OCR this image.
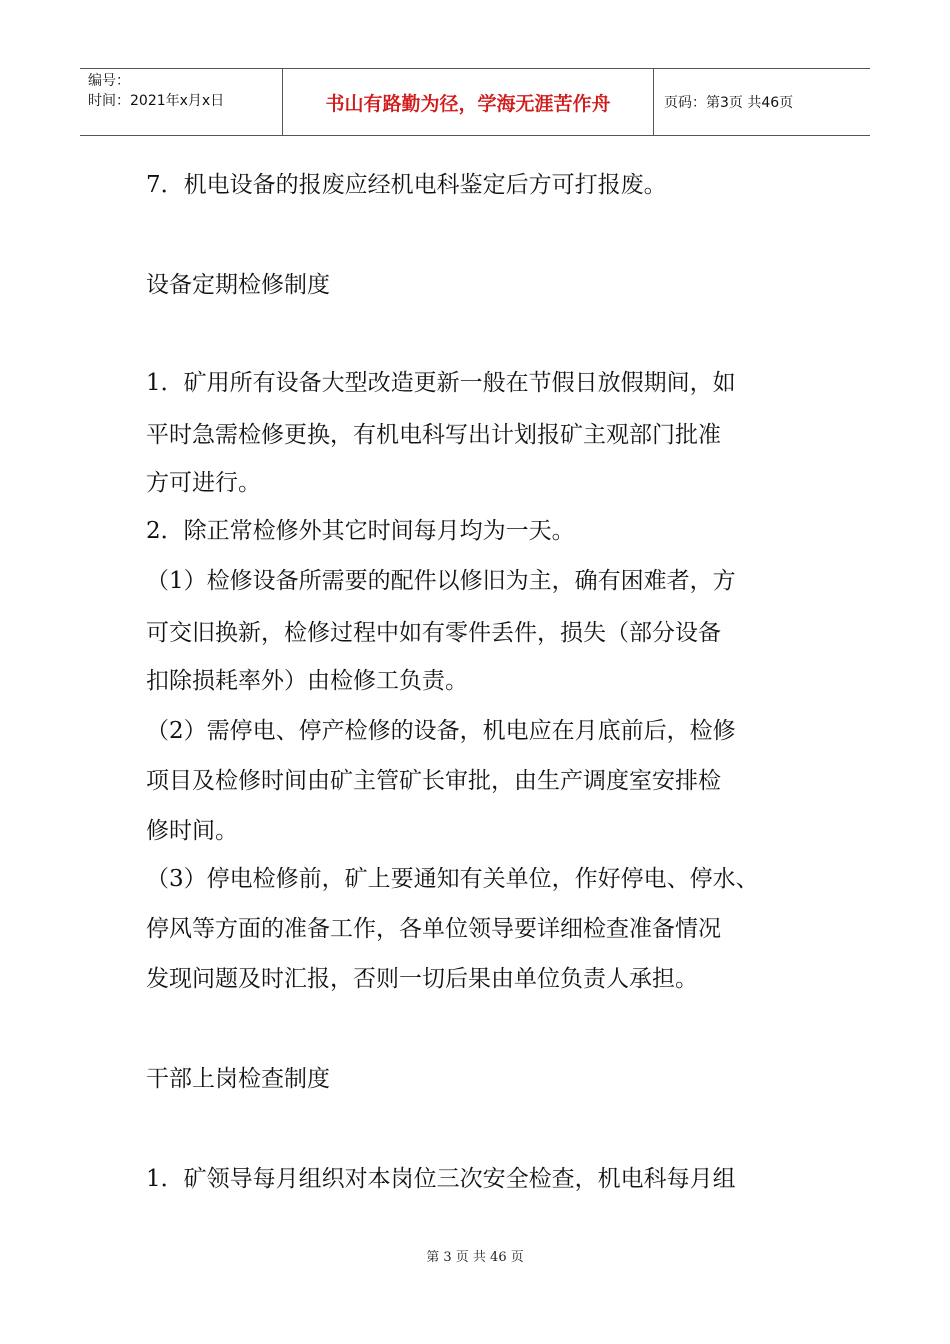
编号：
时间：2021年x月x日	书山有路勤为径，学海无涯苦作舟	页码：第3页 共46页
7．机电设备的报废应经机电科鉴定后方可打报废。
设备定期检修制度
1．矿用所有设备大型改造更新一般在节假日放假期间，如
平时急需检修更换，有机电科写出计划报矿主观部门批准
方可进行。
2．除正常检修外其它时间每月均为一天。
（1）检修设备所需要的配件以修旧为主，确有困难者，方
可交旧换新，检修过程中如有零件丢件，损失（部分设备
扣除损耗率外）由检修工负责。
（2）需停电、停产检修的设备，机电应在月底前后，检修
项目及检修时间由矿主管矿长审批，由生产调度室安排检
修时间。
（3）停电检修前，矿上要通知有关单位，作好停电、停水、
停风等方面的准备工作，各单位领导要详细检查准备情况
发现问题及时汇报，否则一切后果由单位负责人承担。
干部上岗检查制度
1．矿领导每月组织对本岗位三次安全检查，机电科每月组
第 3 页 共 46 页
